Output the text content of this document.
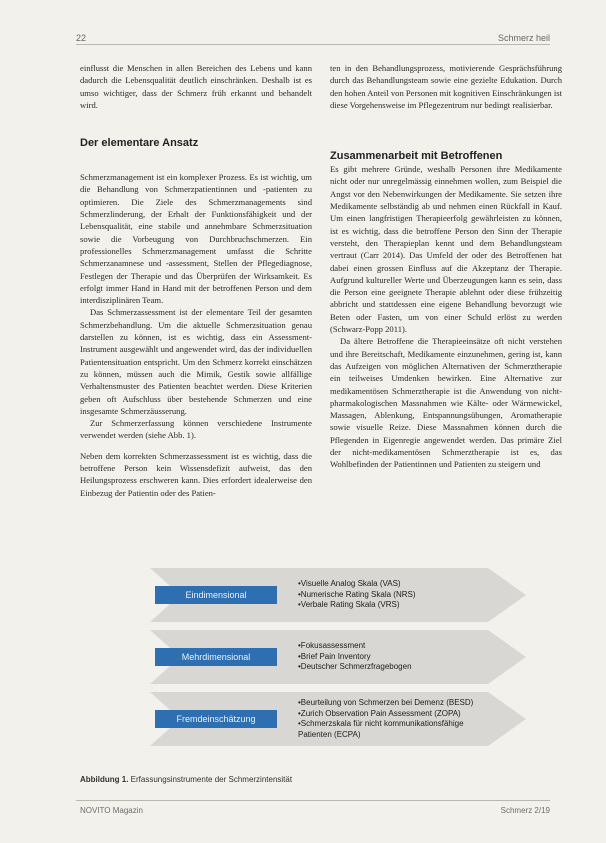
22	Schmerz heil

einflusst die Menschen in allen Bereichen des Lebens und kann dadurch die Lebensqualität deutlich einschränken. Deshalb ist es umso wichtiger, dass der Schmerz früh erkannt und behandelt wird.

Schmerzmanagement ist ein komplexer Prozess. Es ist wichtig, um die Behandlung von Schmerzpatientinnen und -patienten zu optimieren. Die Ziele des Schmerzmanagements sind Schmerzlinderung, der Erhalt der Funktionsfähigkeit und der Lebensqualität, eine stabile und annehmbare Schmerzsituation sowie die Vorbeugung von Durchbruchschmerzen. Ein professionelles Schmerzmanagement umfasst die Schritte Schmerzanamnese und -assessment, Stellen der Pflegediagnose, Festlegen der Therapie und das Überprüfen der Wirksamkeit. Es erfolgt immer Hand in Hand mit der betroffenen Person und dem interdisziplinären Team.

Das Schmerzassessment ist der elementare Teil der gesamten Schmerzbehandlung. Um die aktuelle Schmerzsituation genau darstellen zu können, ist es wichtig, dass ein Assessment-Instrument ausgewählt und angewendet wird, das der individuellen Patientensituation entspricht. Um den Schmerz korrekt einschätzen zu können, müssen auch die Mimik, Gestik sowie allfällige Verhaltensmuster des Patienten beachtet werden. Diese Kriterien geben oft Aufschluss über bestehende Schmerzen und eine insgesamte Schmerzäusserung.

Zur Schmerzerfassung können verschiedene Instrumente verwendet werden (siehe Abb. 1).

Neben dem korrekten Schmerzassessment ist es wichtig, dass die betroffene Person kein Wissensdefizit aufweist, das den Heilungsprozess erschweren kann. Dies erfordert idealerweise den Einbezug der Patientin oder des Patien-

Der elementare Ansatz

ten in den Behandlungsprozess, motivierende Gesprächsführung durch das Behandlungsteam sowie eine gezielte Edukation. Durch den hohen Anteil von Personen mit kognitiven Einschränkungen ist diese Vorgehensweise im Pflegezentrum nur bedingt realisierbar.

Es gibt mehrere Gründe, weshalb Personen ihre Medikamente nicht oder nur unregelmässig einnehmen wollen, zum Beispiel die Angst vor den Nebenwirkungen der Medikamente. Sie setzen ihre Medikamente selbständig ab und nehmen einen Rückfall in Kauf. Um einen langfristigen Therapieerfolg gewährleisten zu können, ist es wichtig, dass die betroffene Person den Sinn der Therapie versteht, den Therapieplan kennt und dem Behandlungsteam vertraut (Carr 2014). Das Umfeld der oder des Betroffenen hat dabei einen grossen Einfluss auf die Akzeptanz der Therapie. Aufgrund kultureller Werte und Überzeugungen kann es sein, dass die Person eine geeignete Therapie ablehnt oder diese frühzeitig abbricht und stattdessen eine eigene Behandlung bevorzugt wie Beten oder Fasten, um von einer Schuld erlöst zu werden (Schwarz-Popp 2011).

Da ältere Betroffene die Therapieeinsätze oft nicht verstehen und ihre Bereitschaft, Medikamente einzunehmen, gering ist, kann das Aufzeigen von möglichen Alternativen der Schmerztherapie ein teilweises Umdenken bewirken. Eine Alternative zur medikamentösen Schmerztherapie ist die Anwendung von nicht-pharmakologischen Massnahmen wie Kälte- oder Wärmewickel, Massagen, Ablenkung, Entspannungsübungen, Aromatherapie sowie visuelle Reize. Diese Massnahmen können durch die Pflegenden in Eigenregie angewendet werden. Das primäre Ziel der nicht-medikamentösen Schmerztherapie ist es, das Wohlbefinden der Patientinnen und Patienten zu steigern und

Zusammenarbeit mit Betroffenen
Eindimensional
•Visuelle Analog Skala (VAS)
•Numerische Rating Skala (NRS)
•Verbale Rating Skala (VRS)
Mehrdimensional
•Fokusassessment
•Brief Pain Inventory
•Deutscher Schmerzfragebogen
Fremdeinschätzung
•Beurteilung von Schmerzen bei Demenz (BESD)
•Zurich Observation Pain Assessment (ZOPA)
•Schmerzskala für nicht kommunikationsfähige Patienten (ECPA)
Abbildung 1. Erfassungsinstrumente der Schmerzintensität
NOVITO Magazin	Schmerz 2/19
